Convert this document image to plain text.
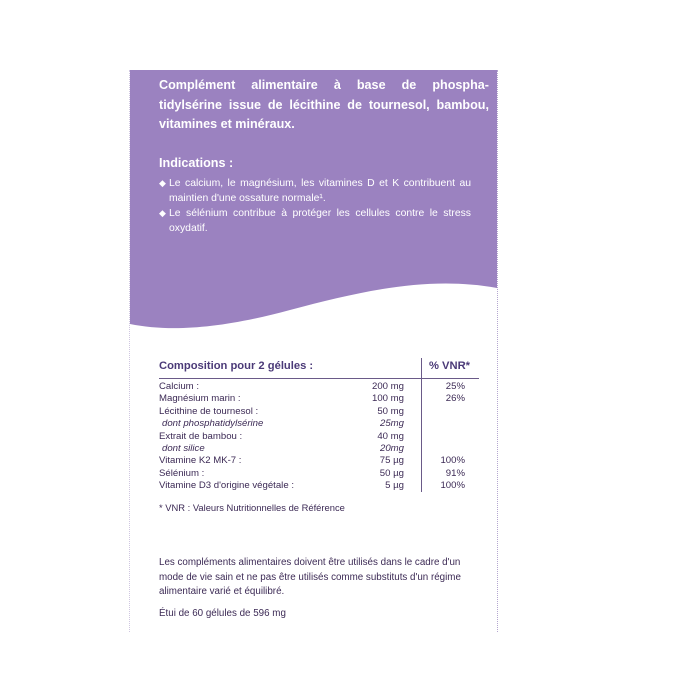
Complément alimentaire à base de phospha-tidylsérine issue de lécithine de tournesol, bambou, vitamines et minéraux.

Indications :
◆ Le calcium, le magnésium, les vitamines D et K contribuent au maintien d'une ossature normale¹.
◆ Le sélénium contribue à protéger les cellules contre le stress oxydatif.
Composition pour 2 gélules :	% VNR*
Calcium :	200 mg	25%
Magnésium marin :	100 mg	26%
Lécithine de tournesol :	50 mg
dont phosphatidylsérine	25mg
Extrait de bambou :	40 mg
dont silice	20mg
Vitamine K2 MK-7 :	75 µg	100%
Sélénium :	50 µg	91%
Vitamine D3 d'origine végétale :	5 µg	100%
* VNR : Valeurs Nutritionnelles de Référence

Les compléments alimentaires doivent être utilisés dans le cadre d'un mode de vie sain et ne pas être utilisés comme substituts d'un régime alimentaire varié et équilibré.

Étui de 60 gélules de 596 mg
